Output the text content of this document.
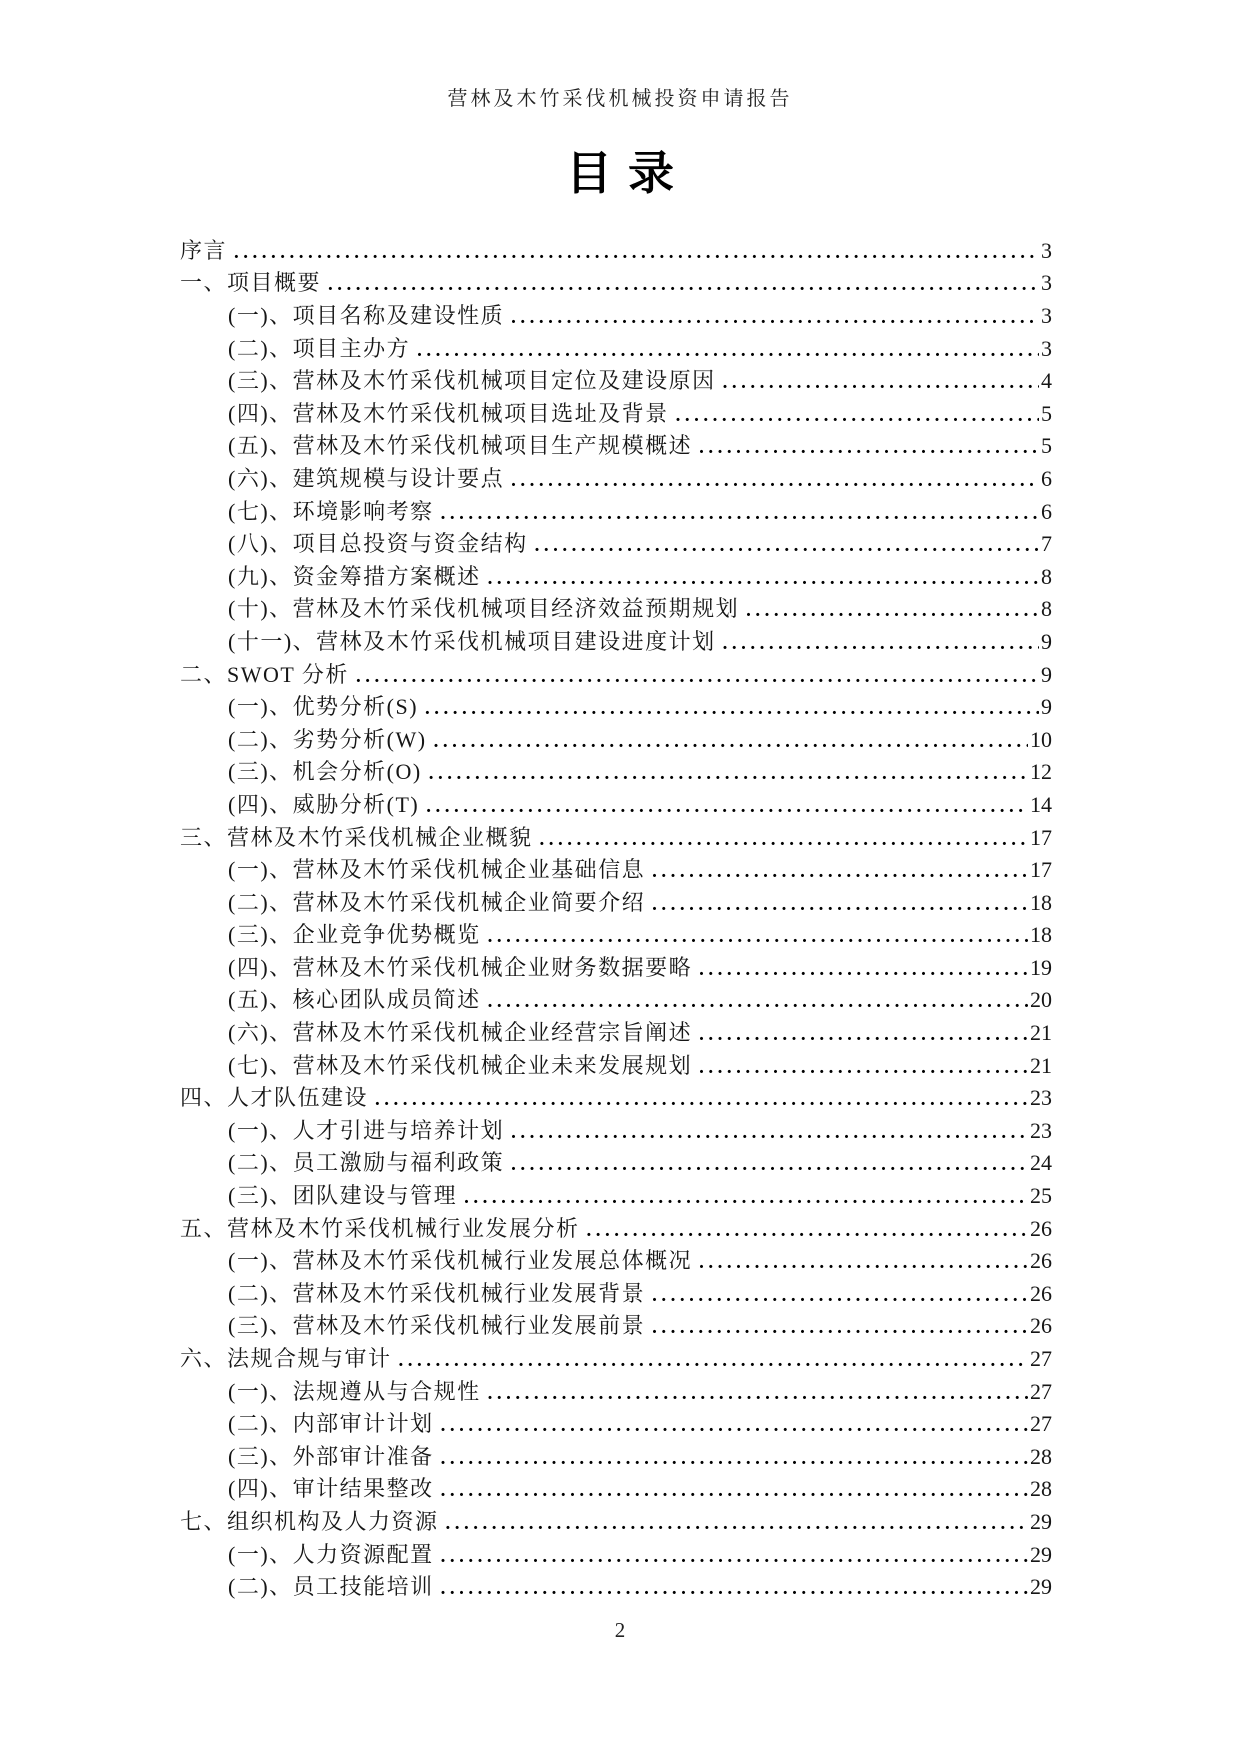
营林及木竹采伐机械投资申请报告
目录
序言 .....	3
一、项目概要 .....	3
(一)、项目名称及建设性质 .....	3
(二)、项目主办方 .....	3
(三)、营林及木竹采伐机械项目定位及建设原因 .....	4
(四)、营林及木竹采伐机械项目选址及背景 .....	5
(五)、营林及木竹采伐机械项目生产规模概述 .....	5
(六)、建筑规模与设计要点 .....	6
(七)、环境影响考察 .....	6
(八)、项目总投资与资金结构 .....	7
(九)、资金筹措方案概述 .....	8
(十)、营林及木竹采伐机械项目经济效益预期规划 .....	8
(十一)、营林及木竹采伐机械项目建设进度计划 .....	9
二、SWOT 分析 .....	9
(一)、优势分析(S) .....	9
(二)、劣势分析(W) .....	10
(三)、机会分析(O) .....	12
(四)、威胁分析(T) .....	14
三、营林及木竹采伐机械企业概貌 .....	17
(一)、营林及木竹采伐机械企业基础信息 .....	17
(二)、营林及木竹采伐机械企业简要介绍 .....	18
(三)、企业竞争优势概览 .....	18
(四)、营林及木竹采伐机械企业财务数据要略 .....	19
(五)、核心团队成员简述 .....	20
(六)、营林及木竹采伐机械企业经营宗旨阐述 .....	21
(七)、营林及木竹采伐机械企业未来发展规划 .....	21
四、人才队伍建设 .....	23
(一)、人才引进与培养计划 .....	23
(二)、员工激励与福利政策 .....	24
(三)、团队建设与管理 .....	25
五、营林及木竹采伐机械行业发展分析 .....	26
(一)、营林及木竹采伐机械行业发展总体概况 .....	26
(二)、营林及木竹采伐机械行业发展背景 .....	26
(三)、营林及木竹采伐机械行业发展前景 .....	26
六、法规合规与审计 .....	27
(一)、法规遵从与合规性 .....	27
(二)、内部审计计划 .....	27
(三)、外部审计准备 .....	28
(四)、审计结果整改 .....	28
七、组织机构及人力资源 .....	29
(一)、人力资源配置 .....	29
(二)、员工技能培训 .....	29
2
